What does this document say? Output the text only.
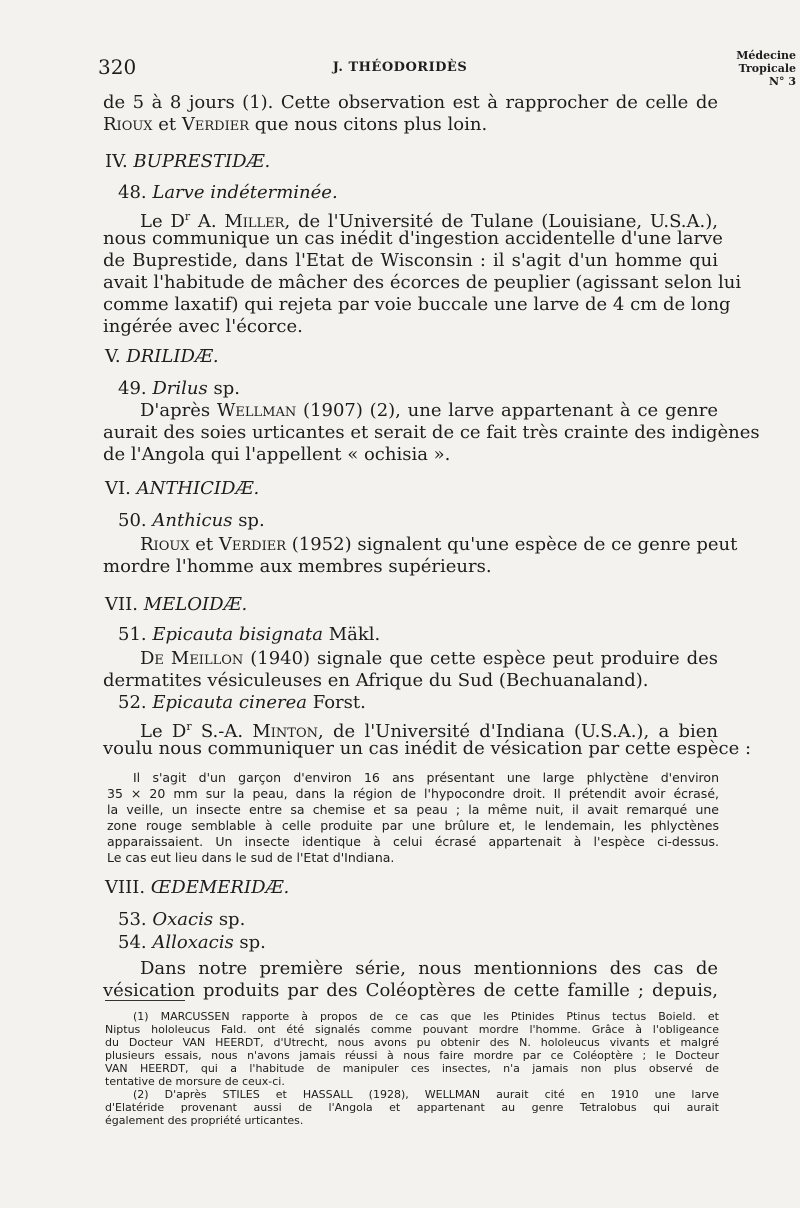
320	J. THÉODORIDÈS
Médecine
Tropicale
N° 3
de 5 à 8 jours (1). Cette observation est à rapprocher de celle de
Rioux et Verdier que nous citons plus loin.
IV. BUPRESTIDÆ.
48. Larve indéterminée.
Le $D^r$ A. Miller, de l'Université de Tulane (Louisiane, U.S.A.),
nous communique un cas inédit d'ingestion accidentelle d'une larve
de Buprestide, dans l'Etat de Wisconsin : il s'agit d'un homme qui
avait l'habitude de mâcher des écorces de peuplier (agissant selon lui
comme laxatif) qui rejeta par voie buccale une larve de 4 cm de long
ingérée avec l'écorce.
V. DRILIDÆ.
49. Drilus sp.
D'après Wellman (1907) (2), une larve appartenant à ce genre
aurait des soies urticantes et serait de ce fait très crainte des indigènes
de l'Angola qui l'appellent « ochisia ».
VI. ANTHICIDÆ.
50. Anthicus sp.
Rioux et Verdier (1952) signalent qu'une espèce de ce genre peut
mordre l'homme aux membres supérieurs.
VII. MELOIDÆ.
51. Epicauta bisignata Mäkl.
De Meillon (1940) signale que cette espèce peut produire des
dermatites vésiculeuses en Afrique du Sud (Bechuanaland).
52. Epicauta cinerea Forst.
Le $D^r$ S.-A. Minton, de l'Université d'Indiana (U.S.A.), a bien
voulu nous communiquer un cas inédit de vésication par cette espèce :
Il s'agit d'un garçon d'environ 16 ans présentant une large phlyctène d'environ
35 × 20 mm sur la peau, dans la région de l'hypocondre droit. Il prétendit avoir écrasé,
la veille, un insecte entre sa chemise et sa peau ; la même nuit, il avait remarqué une
zone rouge semblable à celle produite par une brûlure et, le lendemain, les phlyctènes
apparaissaient. Un insecte identique à celui écrasé appartenait à l'espèce ci-dessus.
Le cas eut lieu dans le sud de l'Etat d'Indiana.
VIII. ŒDEMERIDÆ.
53. Oxacis sp.
54. Alloxacis sp.
Dans notre première série, nous mentionnions des cas de
vésication produits par des Coléoptères de cette famille ; depuis,
(1) MARCUSSEN rapporte à propos de ce cas que les Ptinides Ptinus tectus Boield. et
Niptus hololeucus Fald. ont été signalés comme pouvant mordre l'homme. Grâce à l'obligeance
du Docteur VAN HEERDT, d'Utrecht, nous avons pu obtenir des N. hololeucus vivants et malgré
plusieurs essais, nous n'avons jamais réussi à nous faire mordre par ce Coléoptère ; le Docteur
VAN HEERDT, qui a l'habitude de manipuler ces insectes, n'a jamais non plus observé de
tentative de morsure de ceux-ci.
(2) D'après STILES et HASSALL (1928), WELLMAN aurait cité en 1910 une larve
d'Elatéride provenant aussi de l'Angola et appartenant au genre Tetralobus qui aurait
également des propriété urticantes.
